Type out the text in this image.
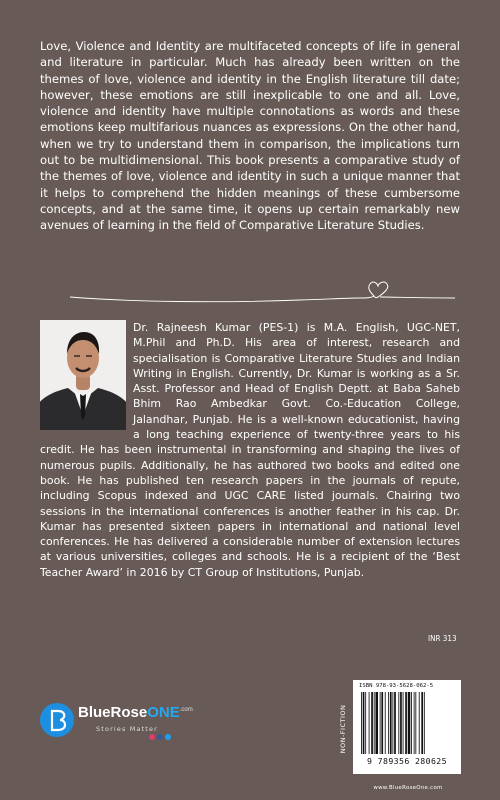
Love, Violence and Identity are multifaceted concepts of life in general and literature in particular. Much has already been written on the themes of love, violence and identity in the English literature till date; however, these emotions are still inexplicable to one and all. Love, violence and identity have multiple connotations as words and these emotions keep multifarious nuances as expressions. On the other hand, when we try to understand them in comparison, the implications turn out to be multidimensional. This book presents a comparative study of the themes of love, violence and identity in such a unique manner that it helps to comprehend the hidden meanings of these cumbersome concepts, and at the same time, it opens up certain remarkably new avenues of learning in the field of Comparative Literature Studies.

Dr. Rajneesh Kumar (PES-1) is M.A. English, UGC-NET, M.Phil and Ph.D. His area of interest, research and specialisation is Comparative Literature Studies and Indian Writing in English. Currently, Dr. Kumar is working as a Sr. Asst. Professor and Head of English Deptt. at Baba Saheb Bhim Rao Ambedkar Govt. Co.-Education College, Jalandhar, Punjab. He is a well-known educationist, having a long teaching experience of twenty-three years to his credit. He has been instrumental in transforming and shaping the lives of numerous pupils. Additionally, he has authored two books and edited one book. He has published ten research papers in the journals of repute, including Scopus indexed and UGC CARE listed journals. Chairing two sessions in the international conferences is another feather in his cap. Dr. Kumar has presented sixteen papers in international and national level conferences. He has delivered a considerable number of extension lectures at various universities, colleges and schools. He is a recipient of the ‘Best Teacher Award’ in 2016 by CT Group of Institutions, Punjab.

INR 313
NON-FICTION
ISBN 978-93-5628-062-5
9 789356 280625
www.BlueRoseOne.com
BlueRoseONE$^{.com}$
Stories Matter
